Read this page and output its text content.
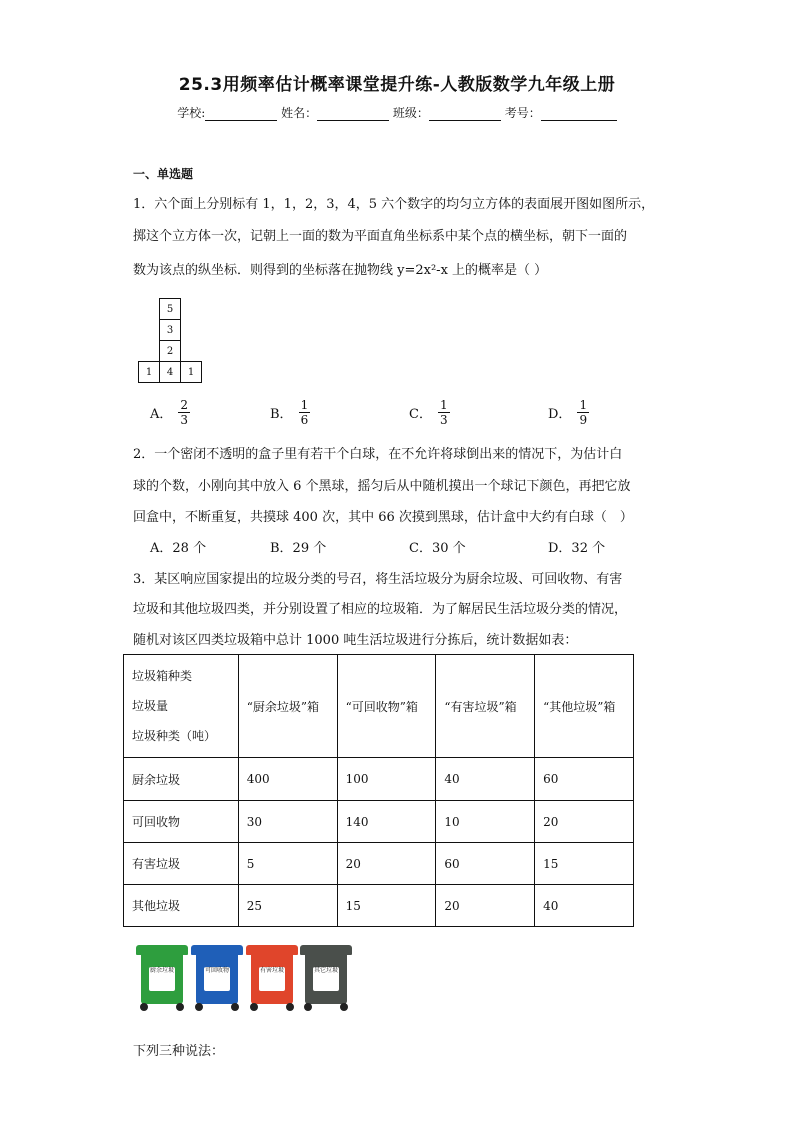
25.3用频率估计概率课堂提升练-人教版数学九年级上册
学校:	姓名：	班级：	考号：
一、单选题
1．六个面上分别标有 1，1，2，3，4，5 六个数字的均匀立方体的表面展开图如图所示，
掷这个立方体一次，记朝上一面的数为平面直角坐标系中某个点的横坐标，朝下一面的
数为该点的纵坐标．则得到的坐标落在抛物线 y=2x²-x 上的概率是（ ）
	5	
	3	
	2	
1	4	1
A． $\frac{2}{3}$	B． $\frac{1}{6}$	C． $\frac{1}{3}$	D． $\frac{1}{9}$
2．一个密闭不透明的盒子里有若干个白球，在不允许将球倒出来的情况下，为估计白
球的个数，小刚向其中放入 6 个黑球，摇匀后从中随机摸出一个球记下颜色，再把它放
回盒中，不断重复，共摸球 400 次，其中 66 次摸到黑球，估计盒中大约有白球（　）
A．28 个	B．29 个	C．30 个	D．32 个
3．某区响应国家提出的垃圾分类的号召，将生活垃圾分为厨余垃圾、可回收物、有害
垃圾和其他垃圾四类，并分别设置了相应的垃圾箱．为了解居民生活垃圾分类的情况，
随机对该区四类垃圾箱中总计 1000 吨生活垃圾进行分拣后，统计数据如表：
垃圾箱种类
垃圾量
垃圾种类（吨）	“厨余垃圾”箱	“可回收物”箱	“有害垃圾”箱	“其他垃圾”箱
厨余垃圾	400	100	40	60
可回收物	30	140	10	20
有害垃圾	5	20	60	15
其他垃圾	25	15	20	40
厨余垃圾	可回收物	有害垃圾	其它垃圾
下列三种说法：
